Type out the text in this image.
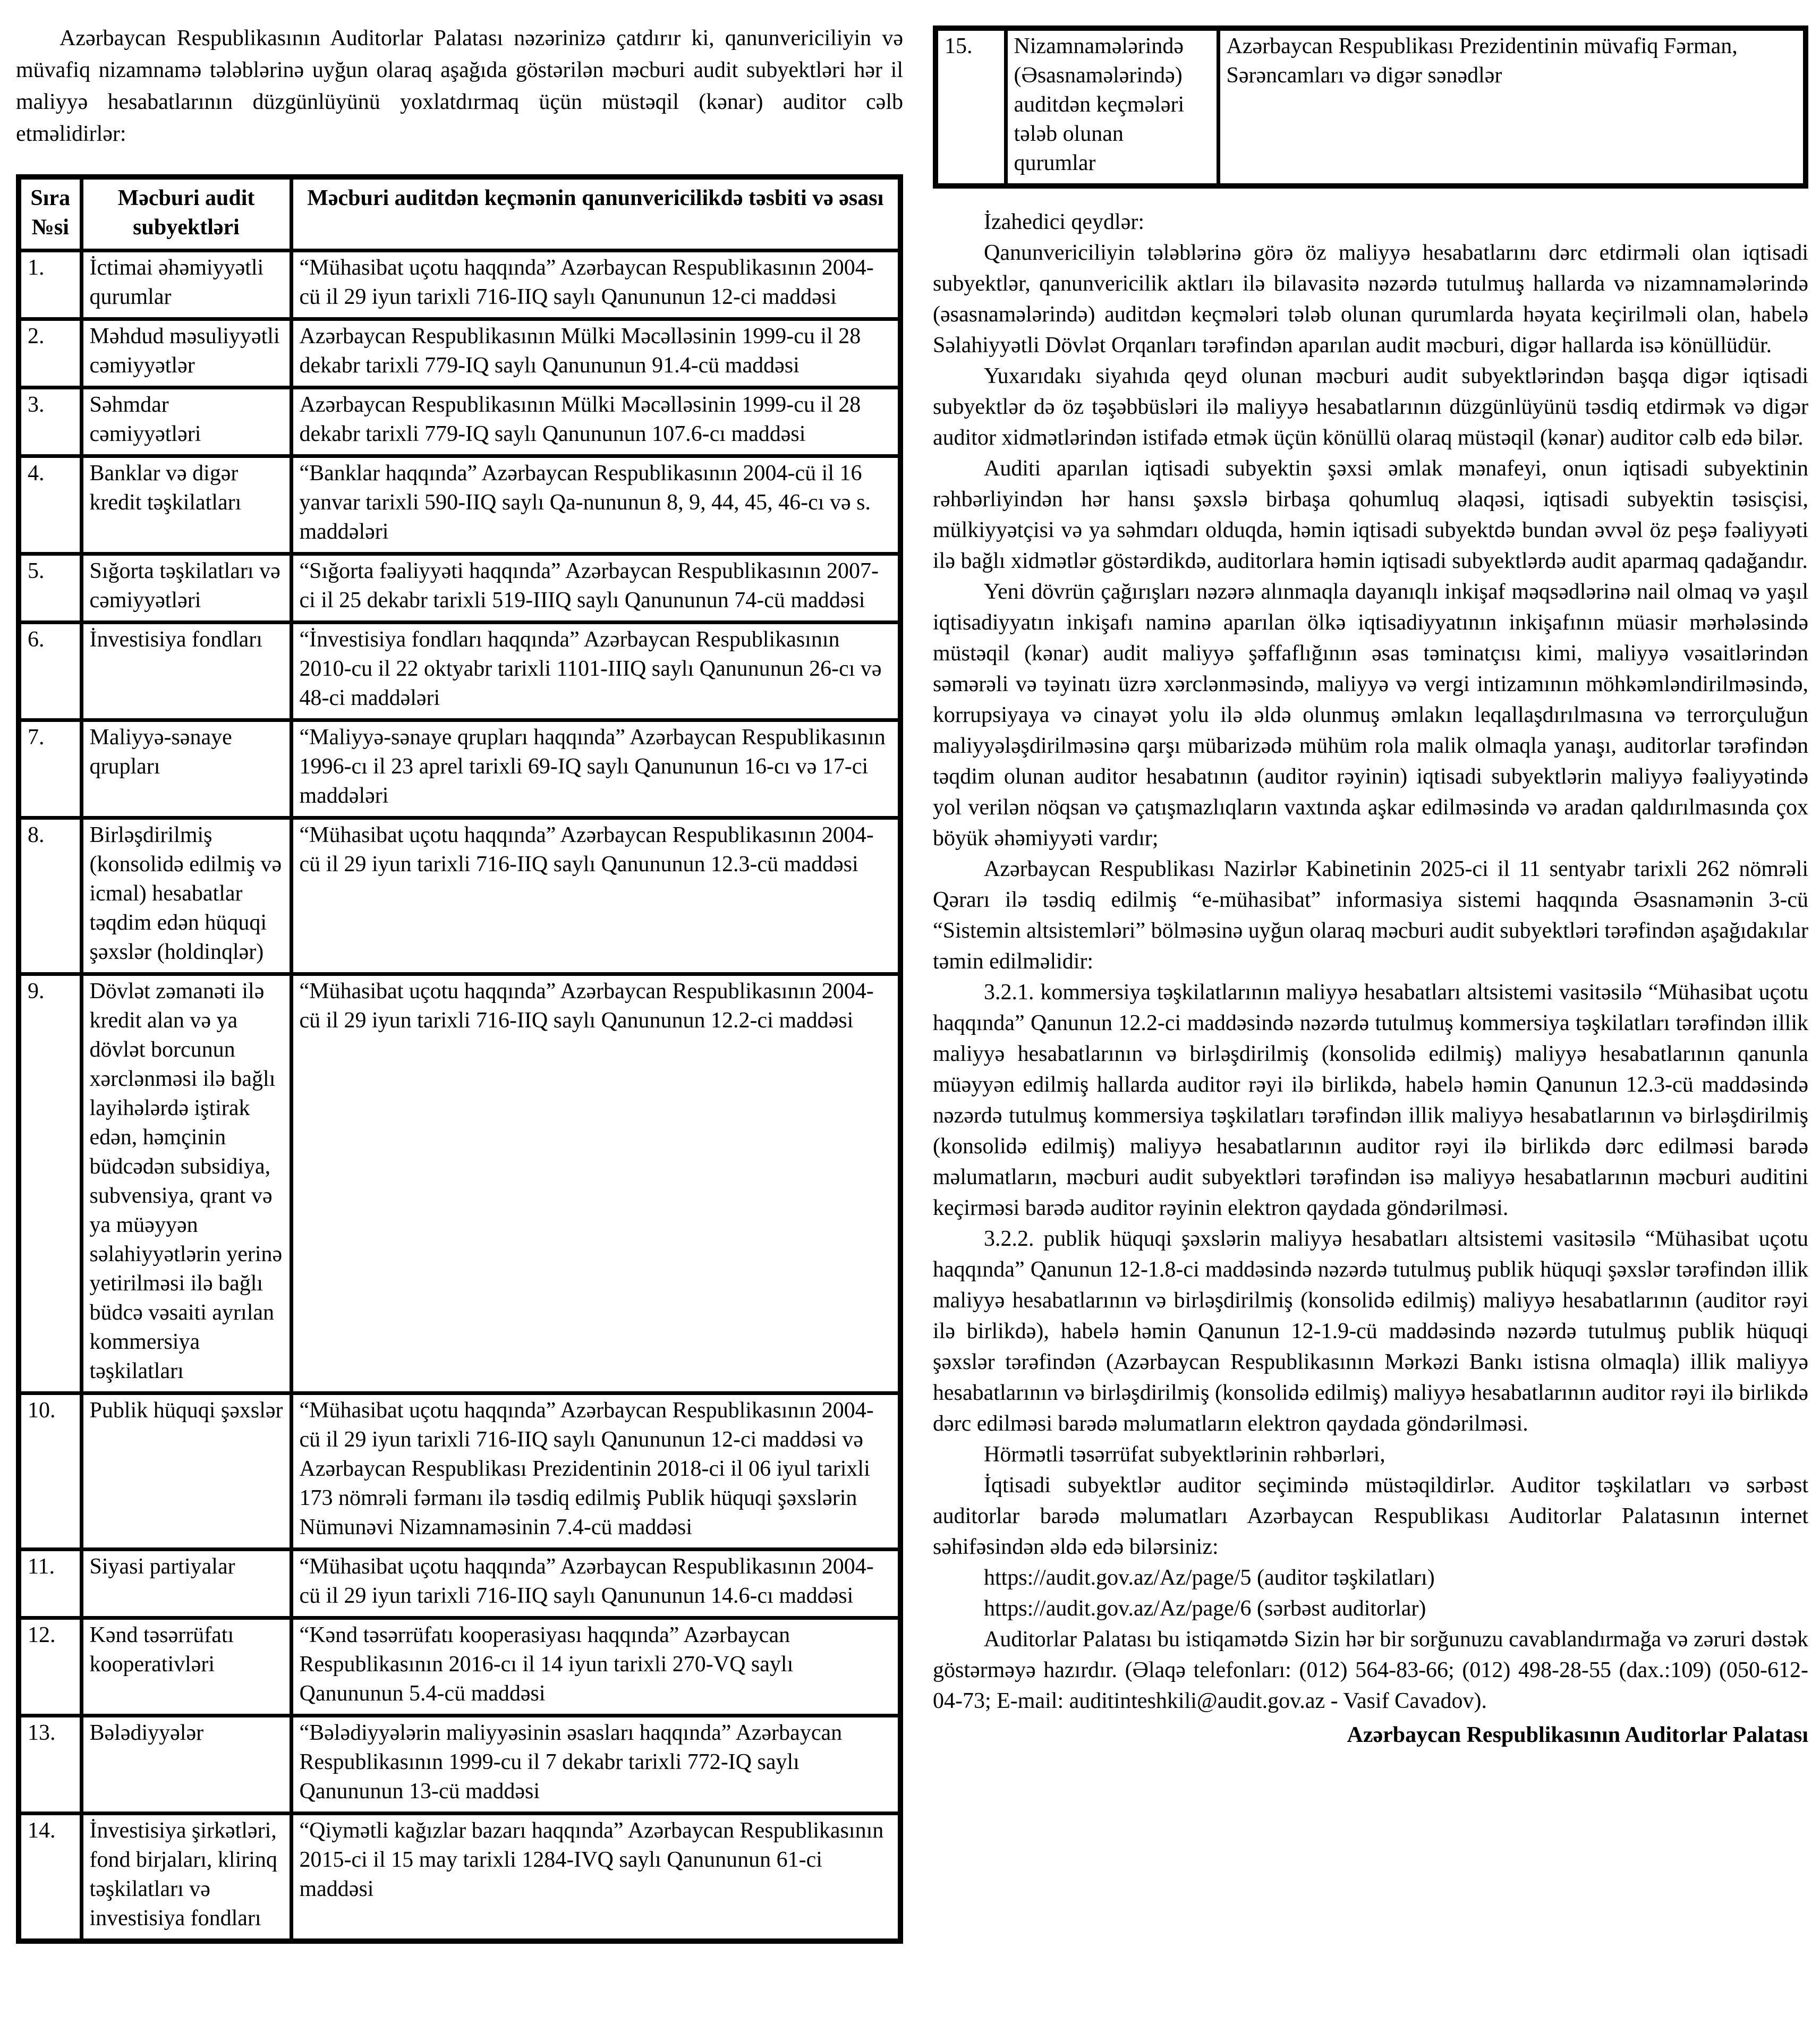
Azərbaycan Respublikasının Auditorlar Palatası nəzərinizə çatdırır ki, qanunvericiliyin və müvafiq nizamnamə tələblərinə uyğun olaraq aşağıda göstərilən məcburi audit subyektləri hər il maliyyə hesabatlarının düzgünlüyünü yoxlatdırmaq üçün müstəqil (kənar) auditor cəlb etməlidirlər:

Sıra №si	Məcburi audit subyektləri	Məcburi auditdən keçmənin qanunvericilikdə təsbiti və əsası
1.	İctimai əhəmiyyətli qurumlar	“Mühasibat uçotu haqqında” Azərbaycan Respublikasının 2004-cü il 29 iyun tarixli 716-IIQ saylı Qanununun 12-ci maddəsi
2.	Məhdud məsuliyyətli cəmiyyətlər	Azərbaycan Respublikasının Mülki Məcəlləsinin 1999-cu il 28 dekabr tarixli 779-IQ saylı Qanununun 91.4-cü maddəsi
3.	Səhmdar cəmiyyətləri	Azərbaycan Respublikasının Mülki Məcəlləsinin 1999-cu il 28 dekabr tarixli 779-IQ saylı Qanununun 107.6-cı maddəsi
4.	Banklar və digər kredit təşkilatları	“Banklar haqqında” Azərbaycan Respublikasının 2004-cü il 16 yanvar tarixli 590-IIQ saylı Qa-nununun 8, 9, 44, 45, 46-cı və s. maddələri
5.	Sığorta təşkilatları və cəmiyyətləri	“Sığorta fəaliyyəti haqqında” Azərbaycan Respublikasının 2007-ci il 25 dekabr tarixli 519-IIIQ saylı Qanununun 74-cü maddəsi
6.	İnvestisiya fondları	“İnvestisiya fondları haqqında” Azərbaycan Respublikasının 2010-cu il 22 oktyabr tarixli 1101-IIIQ saylı Qanununun 26-cı və 48-ci maddələri
7.	Maliyyə-sənaye qrupları	“Maliyyə-sənaye qrupları haqqında” Azərbaycan Respublikasının 1996-cı il 23 aprel tarixli 69-IQ saylı Qanununun 16-cı və 17-ci maddələri
8.	Birləşdirilmiş (konsolidə edilmiş və icmal) hesabatlar təqdim edən hüquqi şəxslər (holdinqlər)	“Mühasibat uçotu haqqında” Azərbaycan Respublikasının 2004-cü il 29 iyun tarixli 716-IIQ saylı Qanununun 12.3-cü maddəsi
9.	Dövlət zəmanəti ilə kredit alan və ya dövlət borcunun xərclənməsi ilə bağlı layihələrdə iştirak edən, həmçinin büdcədən subsidiya, subvensiya, qrant və ya müəyyən səlahiyyətlərin yerinə yetirilməsi ilə bağlı büdcə vəsaiti ayrılan kommersiya təşkilatları	“Mühasibat uçotu haqqında” Azərbaycan Respublikasının 2004-cü il 29 iyun tarixli 716-IIQ saylı Qanununun 12.2-ci maddəsi
10.	Publik hüquqi şəxslər	“Mühasibat uçotu haqqında” Azərbaycan Respublikasının 2004-cü il 29 iyun tarixli 716-IIQ saylı Qanununun 12-ci maddəsi və Azərbaycan Respublikası Prezidentinin 2018-ci il 06 iyul tarixli 173 nömrəli fərmanı ilə təsdiq edilmiş Publik hüquqi şəxslərin Nümunəvi Nizamnaməsinin 7.4-cü maddəsi
11.	Siyasi partiyalar	“Mühasibat uçotu haqqında” Azərbaycan Respublikasının 2004-cü il 29 iyun tarixli 716-IIQ saylı Qanununun 14.6-cı maddəsi
12.	Kənd təsərrüfatı kooperativləri	“Kənd təsərrüfatı kooperasiyası haqqında” Azərbaycan Respublikasının 2016-cı il 14 iyun tarixli 270-VQ saylı Qanununun 5.4-cü maddəsi
13.	Bələdiyyələr	“Bələdiyyələrin maliyyəsinin əsasları haqqında” Azərbaycan Respublikasının 1999-cu il 7 dekabr tarixli 772-IQ saylı Qanununun 13-cü maddəsi
14.	İnvestisiya şirkətləri, fond birjaları, klirinq təşkilatları və investisiya fondları	“Qiymətli kağızlar bazarı haqqında” Azərbaycan Respublikasının 2015-ci il 15 may tarixli 1284-IVQ saylı Qanununun 61-ci maddəsi
15.	Nizamnamələrində (Əsasnamələrində) auditdən keçmələri tələb olunan qurumlar	Azərbaycan Respublikası Prezidentinin müvafiq Fərman, Sərəncamları və digər sənədlər

İzahedici qeydlər:

Qanunvericiliyin tələblərinə görə öz maliyyə hesabatlarını dərc etdirməli olan iqtisadi subyektlər, qanunvericilik aktları ilə bilavasitə nəzərdə tutulmuş hallarda və nizamnamələrində (əsasnamələrində) auditdən keçmələri tələb olunan qurumlarda həyata keçirilməli olan, habelə Səlahiyyətli Dövlət Orqanları tərəfindən aparılan audit məcburi, digər hallarda isə könüllüdür.

Yuxarıdakı siyahıda qeyd olunan məcburi audit subyektlərindən başqa digər iqtisadi subyektlər də öz təşəbbüsləri ilə maliyyə hesabatlarının düzgünlüyünü təsdiq etdirmək və digər auditor xidmətlərindən istifadə etmək üçün könüllü olaraq müstəqil (kənar) auditor cəlb edə bilər.

Auditi aparılan iqtisadi subyektin şəxsi əmlak mənafeyi, onun iqtisadi subyektinin rəhbərliyindən hər hansı şəxslə birbaşa qohumluq əlaqəsi, iqtisadi subyektin təsisçisi, mülkiyyətçisi və ya səhmdarı olduqda, həmin iqtisadi subyektdə bundan əvvəl öz peşə fəaliyyəti ilə bağlı xidmətlər göstərdikdə, auditorlara həmin iqtisadi subyektlərdə audit aparmaq qadağandır.

Yeni dövrün çağırışları nəzərə alınmaqla dayanıqlı inkişaf məqsədlərinə nail olmaq və yaşıl iqtisadiyyatın inkişafı naminə aparılan ölkə iqtisadiyyatının inkişafının müasir mərhələsində müstəqil (kənar) audit maliyyə şəffaflığının əsas təminatçısı kimi, maliyyə vəsaitlərindən səmərəli və təyinatı üzrə xərclənməsində, maliyyə və vergi intizamının möhkəmləndirilməsində, korrupsiyaya və cinayət yolu ilə əldə olunmuş əmlakın leqallaşdırılmasına və terrorçuluğun maliyyələşdirilməsinə qarşı mübarizədə mühüm rola malik olmaqla yanaşı, auditorlar tərəfindən təqdim olunan auditor hesabatının (auditor rəyinin) iqtisadi subyektlərin maliyyə fəaliyyətində yol verilən nöqsan və çatışmazlıqların vaxtında aşkar edilməsində və aradan qaldırılmasında çox böyük əhəmiyyəti vardır;

Azərbaycan Respublikası Nazirlər Kabinetinin 2025-ci il 11 sentyabr tarixli 262 nömrəli Qərarı ilə təsdiq edilmiş “e-mühasibat” informasiya sistemi haqqında Əsasnamənin 3-cü “Sistemin altsistemləri” bölməsinə uyğun olaraq məcburi audit subyektləri tərəfindən aşağıdakılar təmin edilməlidir:

3.2.1. kommersiya təşkilatlarının maliyyə hesabatları altsistemi vasitəsilə “Mühasibat uçotu haqqında” Qanunun 12.2-ci maddəsində nəzərdə tutulmuş kommersiya təşkilatları tərəfindən illik maliyyə hesabatlarının və birləşdirilmiş (konsolidə edilmiş) maliyyə hesabatlarının qanunla müəyyən edilmiş hallarda auditor rəyi ilə birlikdə, habelə həmin Qanunun 12.3-cü maddəsində nəzərdə tutulmuş kommersiya təşkilatları tərəfindən illik maliyyə hesabatlarının və birləşdirilmiş (konsolidə edilmiş) maliyyə hesabatlarının auditor rəyi ilə birlikdə dərc edilməsi barədə məlumatların, məcburi audit subyektləri tərəfindən isə maliyyə hesabatlarının məcburi auditini keçirməsi barədə auditor rəyinin elektron qaydada göndərilməsi.

3.2.2. publik hüquqi şəxslərin maliyyə hesabatları altsistemi vasitəsilə “Mühasibat uçotu haqqında” Qanunun 12-1.8-ci maddəsində nəzərdə tutulmuş publik hüquqi şəxslər tərəfindən illik maliyyə hesabatlarının və birləşdirilmiş (konsolidə edilmiş) maliyyə hesabatlarının (auditor rəyi ilə birlikdə), habelə həmin Qanunun 12-1.9-cü maddəsində nəzərdə tutulmuş publik hüquqi şəxslər tərəfindən (Azərbaycan Respublikasının Mərkəzi Bankı istisna olmaqla) illik maliyyə hesabatlarının və birləşdirilmiş (konsolidə edilmiş) maliyyə hesabatlarının auditor rəyi ilə birlikdə dərc edilməsi barədə məlumatların elektron qaydada göndərilməsi.

Hörmətli təsərrüfat subyektlərinin rəhbərləri,

İqtisadi subyektlər auditor seçimində müstəqildirlər. Auditor təşkilatları və sərbəst auditorlar barədə məlumatları Azərbaycan Respublikası Auditorlar Palatasının internet səhifəsindən əldə edə bilərsiniz:

https://audit.gov.az/Az/page/5 (auditor təşkilatları)

https://audit.gov.az/Az/page/6 (sərbəst auditorlar)

Auditorlar Palatası bu istiqamətdə Sizin hər bir sorğunuzu cavablandırmağa və zəruri dəstək göstərməyə hazırdır. (Əlaqə telefonları: (012) 564-83-66; (012) 498-28-55 (dax.:109) (050-612-04-73; E-mail: auditinteshkili@audit.gov.az - Vasif Cavadov).

Azərbaycan Respublikasının Auditorlar Palatası
